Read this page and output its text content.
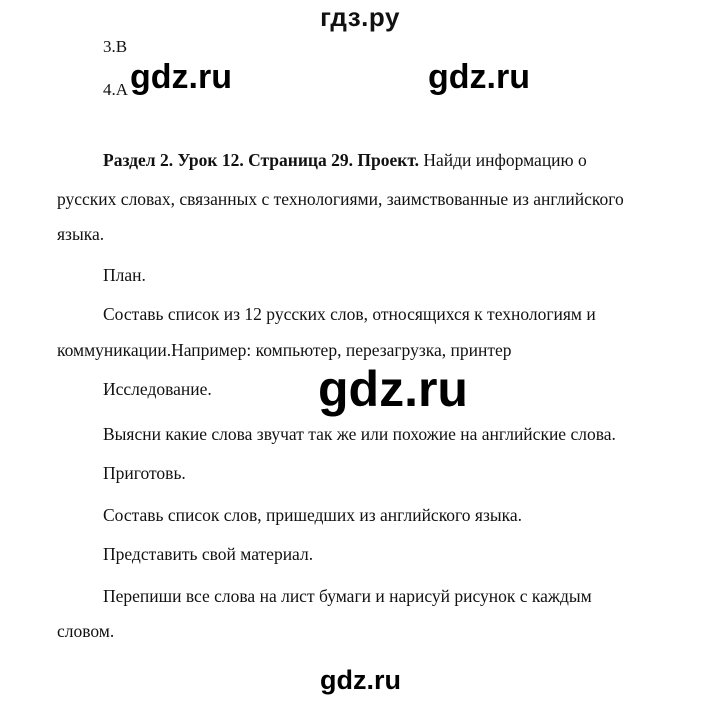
гдз.ру
gdz.ru	gdz.ru
3.B
4.A
Раздел 2. Урок 12. Страница 29. Проект. Найди информацию о
русских словах, связанных с технологиями, заимствованные из английского
языка.
План.
Составь список из 12 русских слов, относящихся к технологиям и
коммуникации.Например: компьютер, перезагрузка, принтер
Исследование. gdz.ru
Выясни какие слова звучат так же или похожие на английские слова.
Приготовь.
Составь список слов, пришедших из английского языка.
Представить свой материал.
Перепиши все слова на лист бумаги и нарисуй рисунок с каждым
словом.
gdz.ru
